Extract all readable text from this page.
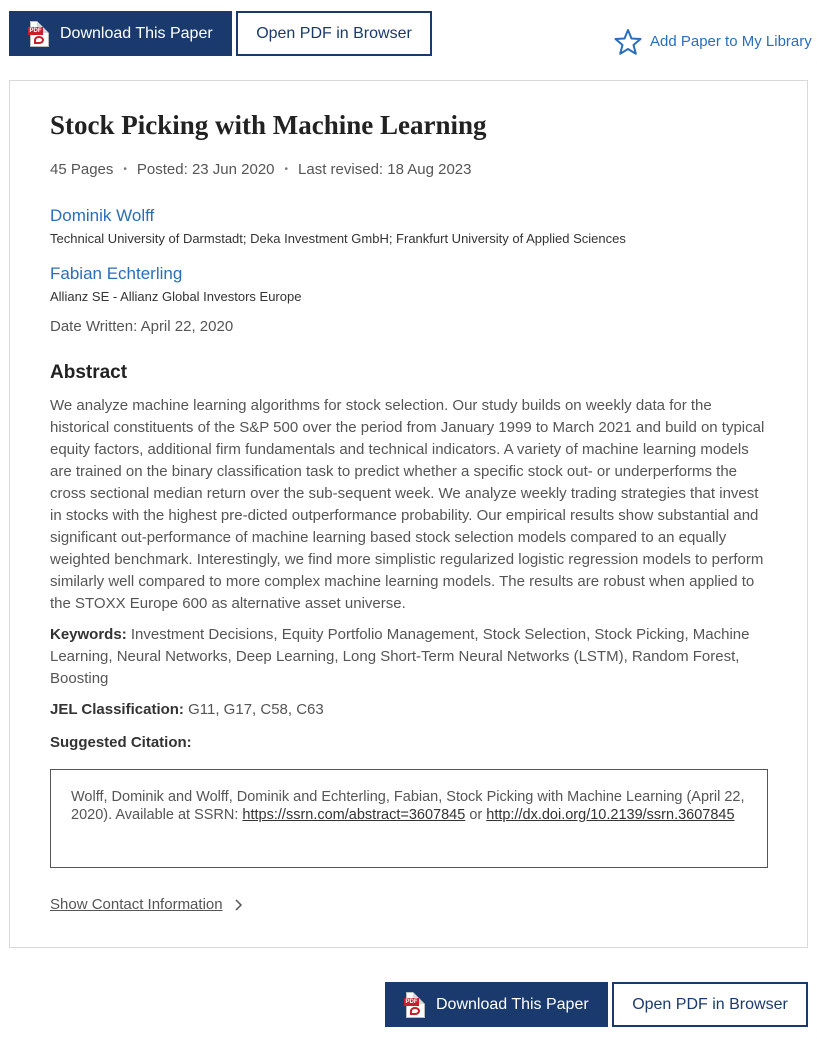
PDF Download This Paper	Open PDF in Browser	Add Paper to My Library
Stock Picking with Machine Learning
45 Pages • Posted: 23 Jun 2020 • Last revised: 18 Aug 2023
Dominik Wolff
Technical University of Darmstadt; Deka Investment GmbH; Frankfurt University of Applied Sciences
Fabian Echterling
Allianz SE - Allianz Global Investors Europe
Date Written: April 22, 2020
Abstract

We analyze machine learning algorithms for stock selection. Our study builds on weekly data for the historical constituents of the S&P 500 over the period from January 1999 to March 2021 and build on typical equity factors, additional firm fundamentals and technical indicators. A variety of machine learning models are trained on the binary classification task to predict whether a specific stock out- or underperforms the cross sectional median return over the sub-sequent week. We analyze weekly trading strategies that invest in stocks with the highest pre-dicted outperformance probability. Our empirical results show substantial and significant out-performance of machine learning based stock selection models compared to an equally weighted benchmark. Interestingly, we find more simplistic regularized logistic regression models to perform similarly well compared to more complex machine learning models. The results are robust when applied to the STOXX Europe 600 as alternative asset universe.

Keywords: Investment Decisions, Equity Portfolio Management, Stock Selection, Stock Picking, Machine Learning, Neural Networks, Deep Learning, Long Short-Term Neural Networks (LSTM), Random Forest, Boosting
JEL Classification: G11, G17, C58, C63
Suggested Citation:
Wolff, Dominik and Wolff, Dominik and Echterling, Fabian, Stock Picking with Machine Learning (April 22, 2020). Available at SSRN: https://ssrn.com/abstract=3607845 or http://dx.doi.org/10.2139/ssrn.3607845
Show Contact Information
PDF Download This Paper	Open PDF in Browser
